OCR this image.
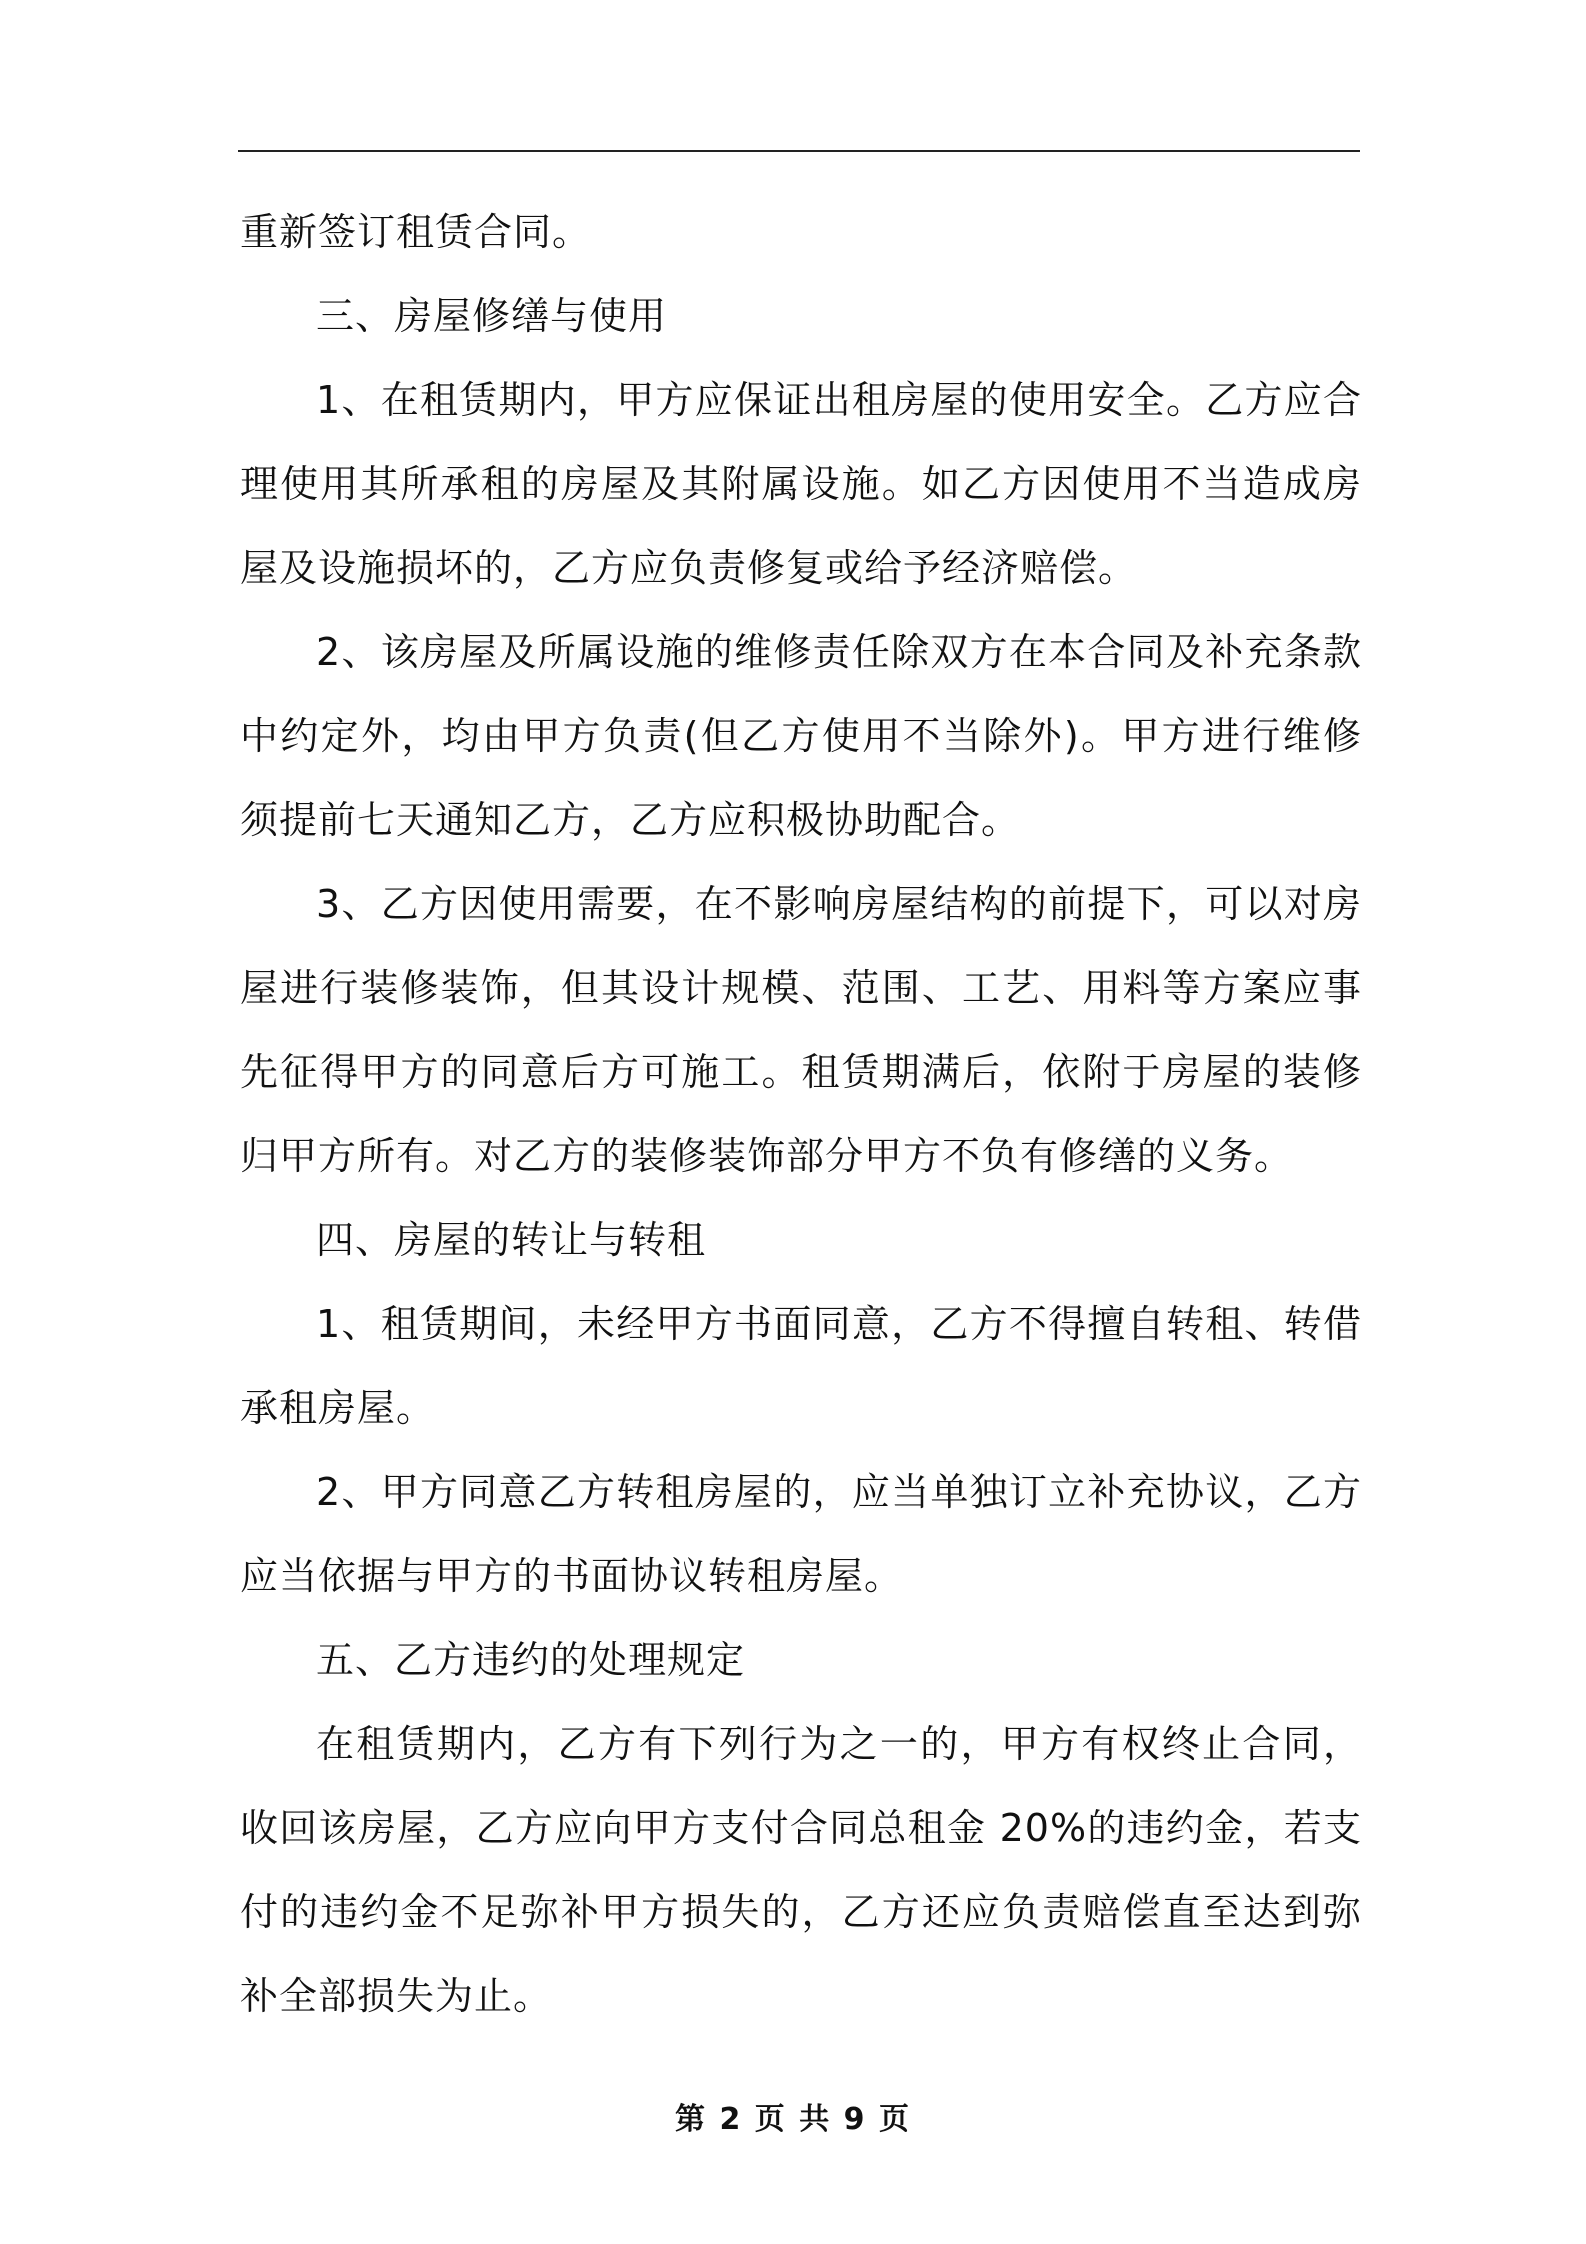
重新签订租赁合同。

三、房屋修缮与使用

1、在租赁期内，甲方应保证出租房屋的使用安全。乙方应合理使用其所承租的房屋及其附属设施。如乙方因使用不当造成房屋及设施损坏的，乙方应负责修复或给予经济赔偿。

2、该房屋及所属设施的维修责任除双方在本合同及补充条款中约定外，均由甲方负责(但乙方使用不当除外)。甲方进行维修须提前七天通知乙方，乙方应积极协助配合。

3、乙方因使用需要，在不影响房屋结构的前提下，可以对房屋进行装修装饰，但其设计规模、范围、工艺、用料等方案应事先征得甲方的同意后方可施工。租赁期满后，依附于房屋的装修归甲方所有。对乙方的装修装饰部分甲方不负有修缮的义务。

四、房屋的转让与转租

1、租赁期间，未经甲方书面同意，乙方不得擅自转租、转借承租房屋。

2、甲方同意乙方转租房屋的，应当单独订立补充协议，乙方应当依据与甲方的书面协议转租房屋。

五、乙方违约的处理规定

在租赁期内，乙方有下列行为之一的，甲方有权终止合同，收回该房屋，乙方应向甲方支付合同总租金 20%的违约金，若支付的违约金不足弥补甲方损失的，乙方还应负责赔偿直至达到弥补全部损失为止。

第 2 页 共 9 页
